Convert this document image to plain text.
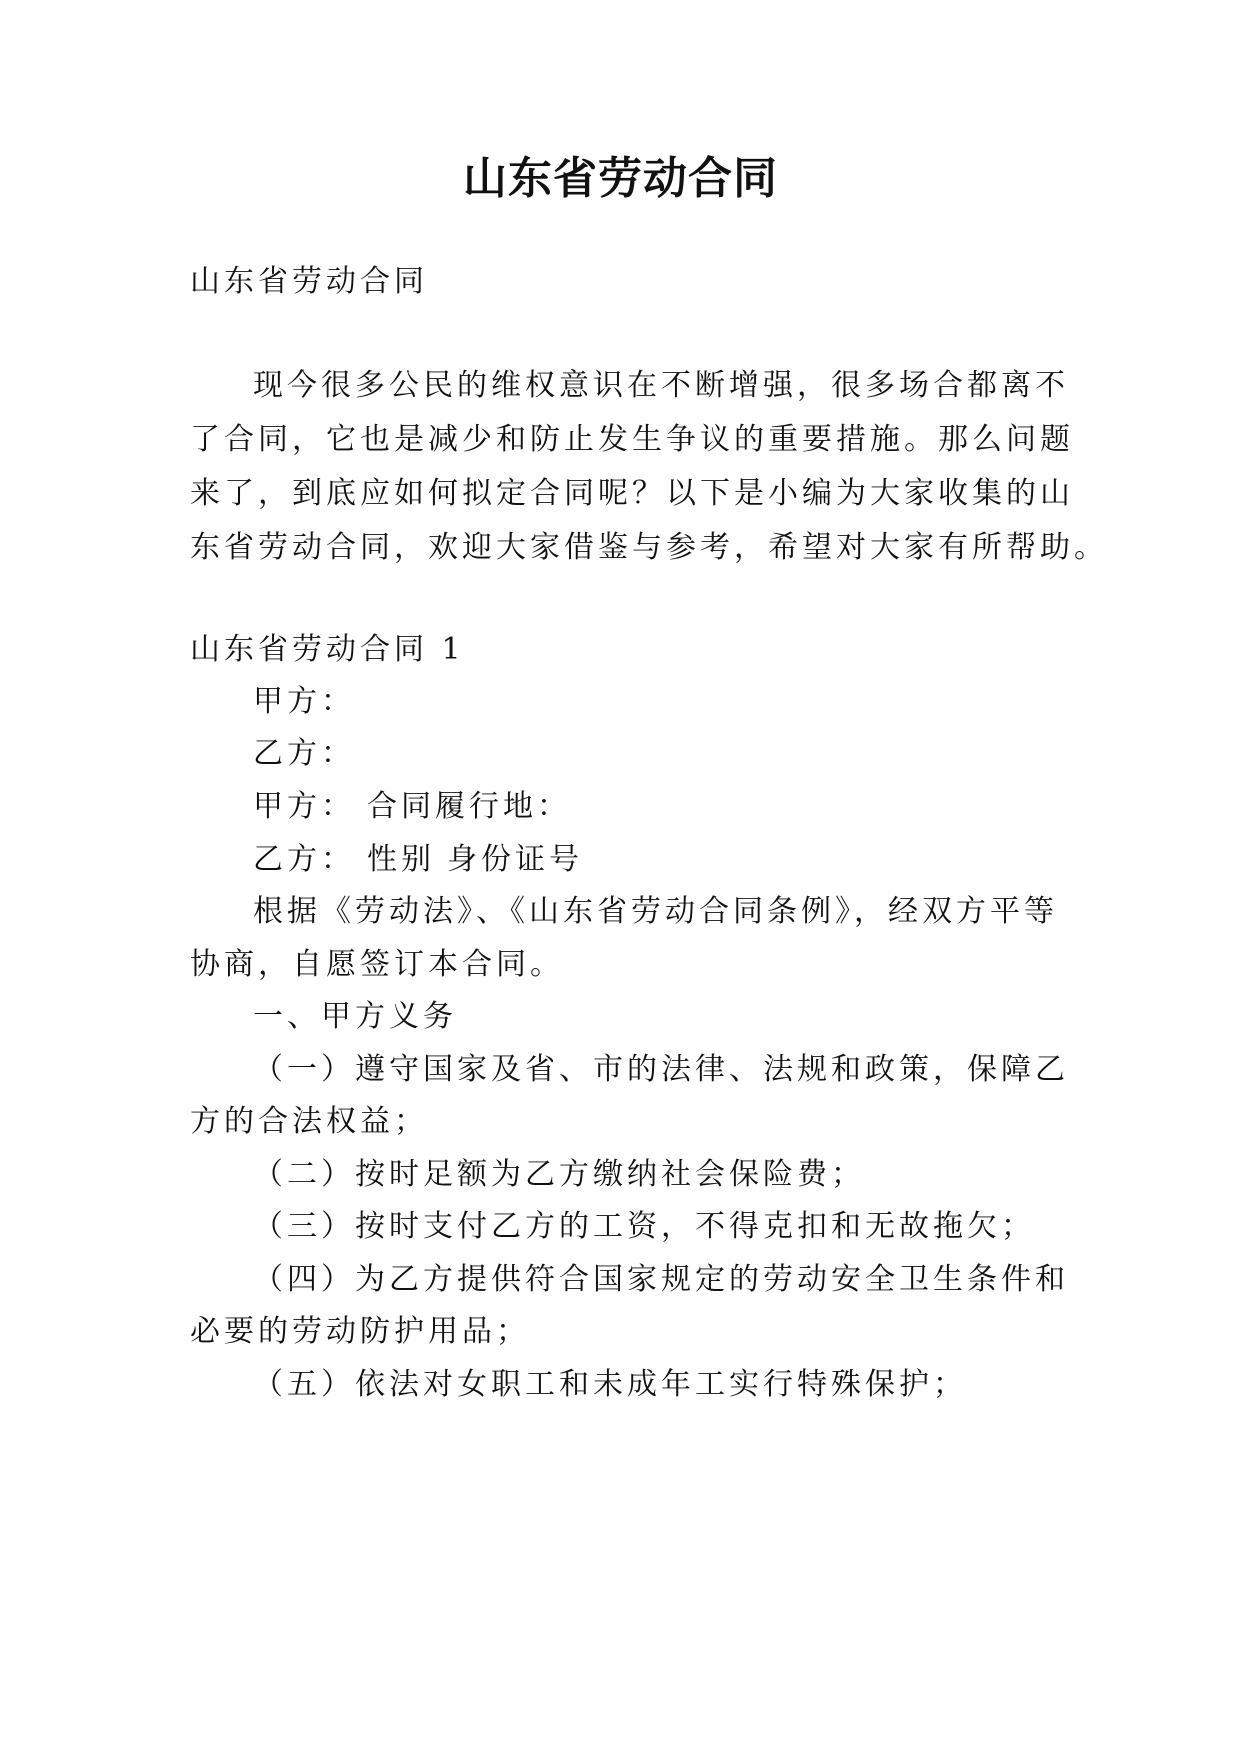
山东省劳动合同

山东省劳动合同

现今很多公民的维权意识在不断增强，很多场合都离不

了合同，它也是减少和防止发生争议的重要措施。那么问题

来了，到底应如何拟定合同呢？以下是小编为大家收集的山

东省劳动合同，欢迎大家借鉴与参考，希望对大家有所帮助。

山东省劳动合同 1

甲方：

乙方：

甲方： 合同履行地：

乙方： 性别 身份证号

根据《劳动法》、《山东省劳动合同条例》，经双方平等

协商，自愿签订本合同。

一、甲方义务

（一）遵守国家及省、市的法律、法规和政策，保障乙

方的合法权益；

（二）按时足额为乙方缴纳社会保险费；

（三）按时支付乙方的工资，不得克扣和无故拖欠；

（四）为乙方提供符合国家规定的劳动安全卫生条件和

必要的劳动防护用品；

（五）依法对女职工和未成年工实行特殊保护；
